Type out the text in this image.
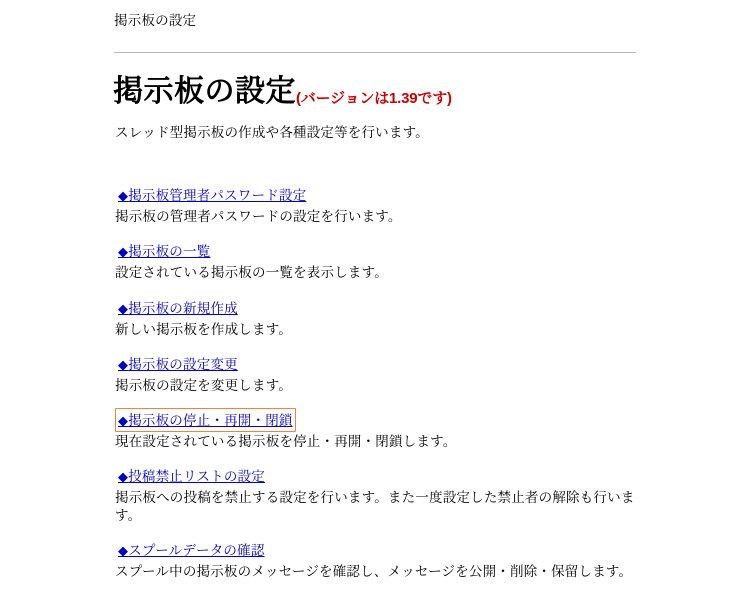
掲示板の設定
掲示板の設定(バージョンは1.39です)
スレッド型掲示板の作成や各種設定等を行います。
◆掲示板管理者パスワード設定
掲示板の管理者パスワードの設定を行います。
◆掲示板の一覧
設定されている掲示板の一覧を表示します。
◆掲示板の新規作成
新しい掲示板を作成します。
◆掲示板の設定変更
掲示板の設定を変更します。
◆掲示板の停止・再開・閉鎖
現在設定されている掲示板を停止・再開・閉鎖します。
◆投稿禁止リストの設定
掲示板への投稿を禁止する設定を行います。また一度設定した禁止者の解除も行います。
◆スプールデータの確認
スプール中の掲示板のメッセージを確認し、メッセージを公開・削除・保留します。
